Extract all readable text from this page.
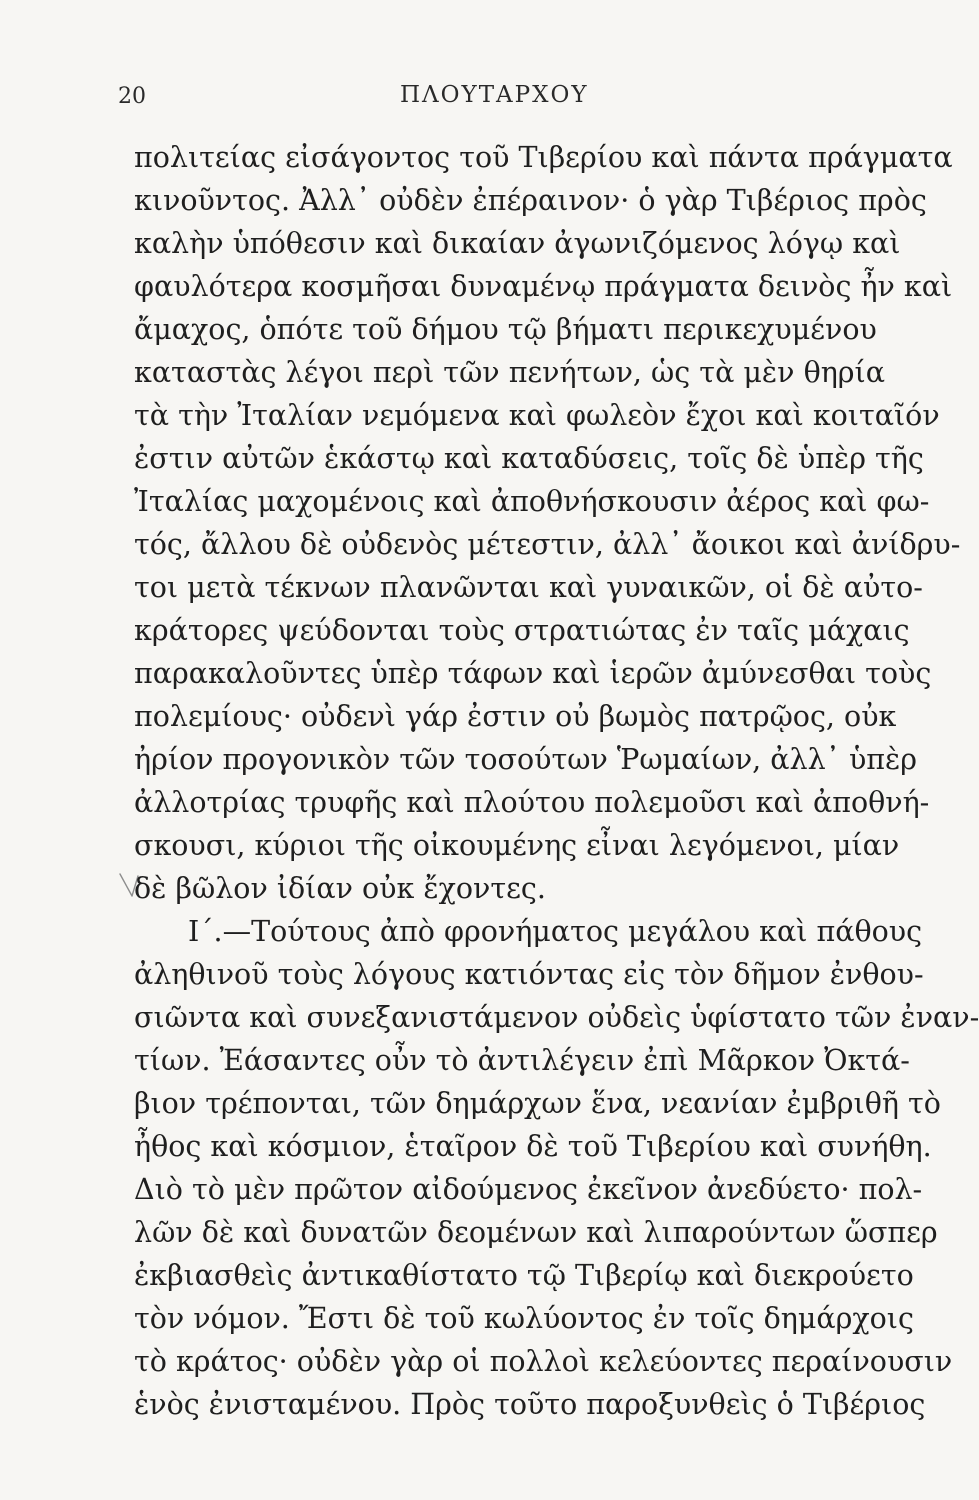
20	ΠΛΟΥΤΑΡΧΟΥ
πολιτείας εἰσάγοντος τοῦ Τιβερίου καὶ πάντα πράγματα
κινοῦντος. Ἀλλ᾽ οὐδὲν ἐπέραινον· ὁ γὰρ Τιβέριος πρὸς
καλὴν ὑπόθεσιν καὶ δικαίαν ἀγωνιζόμενος λόγῳ καὶ
φαυλότερα κοσμῆσαι δυναμένῳ πράγματα δεινὸς ἦν καὶ
ἄμαχος, ὁπότε τοῦ δήμου τῷ βήματι περικεχυμένου
καταστὰς λέγοι περὶ τῶν πενήτων, ὡς τὰ μὲν θηρία
τὰ τὴν Ἰταλίαν νεμόμενα καὶ φωλεὸν ἔχοι καὶ κοιταῖόν
ἐστιν αὐτῶν ἑκάστῳ καὶ καταδύσεις, τοῖς δὲ ὑπὲρ τῆς
Ἰταλίας μαχομένοις καὶ ἀποθνήσκουσιν ἀέρος καὶ φω-
τός, ἄλλου δὲ οὐδενὸς μέτεστιν, ἀλλ᾽ ἄοικοι καὶ ἀνίδρυ-
τοι μετὰ τέκνων πλανῶνται καὶ γυναικῶν, οἱ δὲ αὐτο-
κράτορες ψεύδονται τοὺς στρατιώτας ἐν ταῖς μάχαις
παρακαλοῦντες ὑπὲρ τάφων καὶ ἱερῶν ἀμύνεσθαι τοὺς
πολεμίους· οὐδενὶ γάρ ἐστιν οὐ βωμὸς πατρῷος, οὐκ
ἠρίον προγονικὸν τῶν τοσούτων Ῥωμαίων, ἀλλ᾽ ὑπὲρ
ἀλλοτρίας τρυφῆς καὶ πλούτου πολεμοῦσι καὶ ἀποθνή-
σκουσι, κύριοι τῆς οἰκουμένης εἶναι λεγόμενοι, μίαν
δὲ βῶλον ἰδίαν οὐκ ἔχοντες.
Ι΄.—Τούτους ἀπὸ φρονήματος μεγάλου καὶ πάθους
ἀληθινοῦ τοὺς λόγους κατιόντας εἰς τὸν δῆμον ἐνθου-
σιῶντα καὶ συνεξανιστάμενον οὐδεὶς ὑφίστατο τῶν ἐναν-
τίων. Ἐάσαντες οὖν τὸ ἀντιλέγειν ἐπὶ Μᾶρκον Ὀκτά-
βιον τρέπονται, τῶν δημάρχων ἕνα, νεανίαν ἐμβριθῆ τὸ
ἦθος καὶ κόσμιον, ἑταῖρον δὲ τοῦ Τιβερίου καὶ συνήθη.
Διὸ τὸ μὲν πρῶτον αἰδούμενος ἐκεῖνον ἀνεδύετο· πολ-
λῶν δὲ καὶ δυνατῶν δεομένων καὶ λιπαρούντων ὥσπερ
ἐκβιασθεὶς ἀντικαθίστατο τῷ Τιβερίῳ καὶ διεκρούετο
τὸν νόμον. Ἔστι δὲ τοῦ κωλύοντος ἐν τοῖς δημάρχοις
τὸ κράτος· οὐδὲν γὰρ οἱ πολλοὶ κελεύοντες περαίνουσιν
ἑνὸς ἐνισταμένου. Πρὸς τοῦτο παροξυνθεὶς ὁ Τιβέριος
